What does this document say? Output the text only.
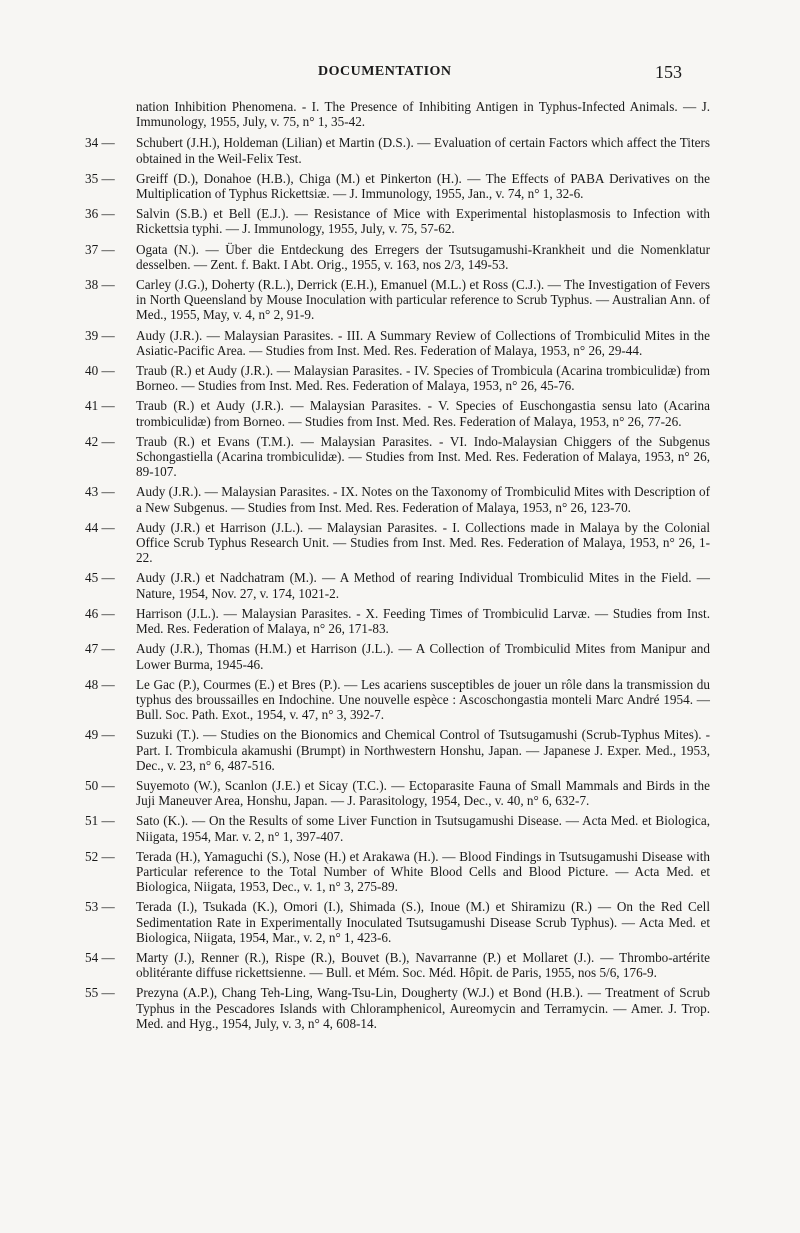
DOCUMENTATION	153
nation Inhibition Phenomena. - I. The Presence of Inhibiting Antigen in Typhus-Infected Animals. — J. Immunology, 1955, July, v. 75, n° 1, 35-42.
34 —	Schubert (J.H.), Holdeman (Lilian) et Martin (D.S.). — Evaluation of certain Factors which affect the Titers obtained in the Weil-Felix Test.
35 —	Greiff (D.), Donahoe (H.B.), Chiga (M.) et Pinkerton (H.). — The Effects of PABA Derivatives on the Multiplication of Typhus Rickettsiæ. — J. Immunology, 1955, Jan., v. 74, n° 1, 32-6.
36 —	Salvin (S.B.) et Bell (E.J.). — Resistance of Mice with Experimental histoplasmosis to Infection with Rickettsia typhi. — J. Immunology, 1955, July, v. 75, 57-62.
37 —	Ogata (N.). — Über die Entdeckung des Erregers der Tsutsugamushi-Krankheit und die Nomenklatur desselben. — Zent. f. Bakt. I Abt. Orig., 1955, v. 163, nos 2/3, 149-53.
38 —	Carley (J.G.), Doherty (R.L.), Derrick (E.H.), Emanuel (M.L.) et Ross (C.J.). — The Investigation of Fevers in North Queensland by Mouse Inoculation with particular reference to Scrub Typhus. — Australian Ann. of Med., 1955, May, v. 4, n° 2, 91-9.
39 —	Audy (J.R.). — Malaysian Parasites. - III. A Summary Review of Collections of Trombiculid Mites in the Asiatic-Pacific Area. — Studies from Inst. Med. Res. Federation of Malaya, 1953, n° 26, 29-44.
40 —	Traub (R.) et Audy (J.R.). — Malaysian Parasites. - IV. Species of Trombicula (Acarina trombiculidæ) from Borneo. — Studies from Inst. Med. Res. Federation of Malaya, 1953, n° 26, 45-76.
41 —	Traub (R.) et Audy (J.R.). — Malaysian Parasites. - V. Species of Euschongastia sensu lato (Acarina trombiculidæ) from Borneo. — Studies from Inst. Med. Res. Federation of Malaya, 1953, n° 26, 77-26.
42 —	Traub (R.) et Evans (T.M.). — Malaysian Parasites. - VI. Indo-Malaysian Chiggers of the Subgenus Schongastiella (Acarina trombiculidæ). — Studies from Inst. Med. Res. Federation of Malaya, 1953, n° 26, 89-107.
43 —	Audy (J.R.). — Malaysian Parasites. - IX. Notes on the Taxonomy of Trombiculid Mites with Description of a New Subgenus. — Studies from Inst. Med. Res. Federation of Malaya, 1953, n° 26, 123-70.
44 —	Audy (J.R.) et Harrison (J.L.). — Malaysian Parasites. - I. Collections made in Malaya by the Colonial Office Scrub Typhus Research Unit. — Studies from Inst. Med. Res. Federation of Malaya, 1953, n° 26, 1-22.
45 —	Audy (J.R.) et Nadchatram (M.). — A Method of rearing Individual Trombiculid Mites in the Field. — Nature, 1954, Nov. 27, v. 174, 1021-2.
46 —	Harrison (J.L.). — Malaysian Parasites. - X. Feeding Times of Trombiculid Larvæ. — Studies from Inst. Med. Res. Federation of Malaya, n° 26, 171-83.
47 —	Audy (J.R.), Thomas (H.M.) et Harrison (J.L.). — A Collection of Trombiculid Mites from Manipur and Lower Burma, 1945-46.
48 —	Le Gac (P.), Courmes (E.) et Bres (P.). — Les acariens susceptibles de jouer un rôle dans la transmission du typhus des broussailles en Indochine. Une nouvelle espèce : Ascoschongastia monteli Marc André 1954. — Bull. Soc. Path. Exot., 1954, v. 47, n° 3, 392-7.
49 —	Suzuki (T.). — Studies on the Bionomics and Chemical Control of Tsutsugamushi (Scrub-Typhus Mites). - Part. I. Trombicula akamushi (Brumpt) in Northwestern Honshu, Japan. — Japanese J. Exper. Med., 1953, Dec., v. 23, n° 6, 487-516.
50 —	Suyemoto (W.), Scanlon (J.E.) et Sicay (T.C.). — Ectoparasite Fauna of Small Mammals and Birds in the Juji Maneuver Area, Honshu, Japan. — J. Parasitology, 1954, Dec., v. 40, n° 6, 632-7.
51 —	Sato (K.). — On the Results of some Liver Function in Tsutsugamushi Disease. — Acta Med. et Biologica, Niigata, 1954, Mar. v. 2, n° 1, 397-407.
52 —	Terada (H.), Yamaguchi (S.), Nose (H.) et Arakawa (H.). — Blood Findings in Tsutsugamushi Disease with Particular reference to the Total Number of White Blood Cells and Blood Picture. — Acta Med. et Biologica, Niigata, 1953, Dec., v. 1, n° 3, 275-89.
53 —	Terada (I.), Tsukada (K.), Omori (I.), Shimada (S.), Inoue (M.) et Shiramizu (R.) — On the Red Cell Sedimentation Rate in Experimentally Inoculated Tsutsugamushi Disease Scrub Typhus). — Acta Med. et Biologica, Niigata, 1954, Mar., v. 2, n° 1, 423-6.
54 —	Marty (J.), Renner (R.), Rispe (R.), Bouvet (B.), Navarranne (P.) et Mollaret (J.). — Thrombo-artérite oblitérante diffuse rickettsienne. — Bull. et Mém. Soc. Méd. Hôpit. de Paris, 1955, nos 5/6, 176-9.
55 —	Prezyna (A.P.), Chang Teh-Ling, Wang-Tsu-Lin, Dougherty (W.J.) et Bond (H.B.). — Treatment of Scrub Typhus in the Pescadores Islands with Chloramphenicol, Aureomycin and Terramycin. — Amer. J. Trop. Med. and Hyg., 1954, July, v. 3, n° 4, 608-14.
